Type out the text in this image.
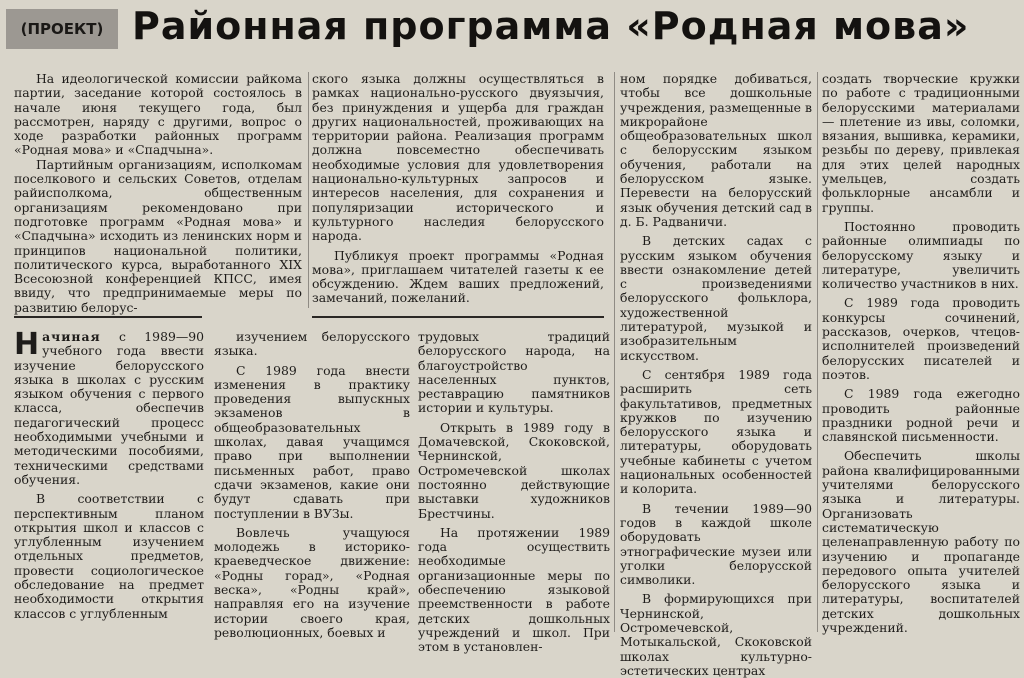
(ПРОЕКТ) Районная программа «Родная мова»

На идеологической комиссии райкома партии, заседание которой состоялось в начале июня текущего года, был рассмотрен, наряду с другими, вопрос о ходе разработки районных программ «Родная мова» и «Спадчына».

Партийным организациям, исполкомам поселкового и сельских Советов, отделам райисполкома, общественным организациям рекомендовано при подготовке программ «Родная мова» и «Спадчына» исходить из ленинских норм и принципов национальной политики, политического курса, выработанного XIX Всесоюзной конференцией КПСС, имея ввиду, что предпринимаемые меры по развитию белорус-

ского языка должны осуществляться в рамках национально-русского двуязычия, без принуждения и ущерба для граждан других национальностей, проживающих на территории района. Реализация программ должна повсеместно обеспечивать необходимые условия для удовлетворения национально-культурных запросов и интересов населения, для сохранения и популяризации исторического и культурного наследия белорусского народа.

Публикуя проект программы «Родная мова», приглашаем читателей газеты к ее обсуждению. Ждем ваших предложений, замечаний, пожеланий.

Начиная с 1989—90 учебного года ввести изучение белорусского языка в школах с русским языком обучения с первого класса, обеспечив педагогический процесс необходимыми учебными и методическими пособиями, техническими средствами обучения.

В соответствии с перспективным планом открытия школ и классов с углубленным изучением отдельных предметов, провести социологическое обследование на предмет необходимости открытия классов с углубленным

изучением белорусского языка.

С 1989 года внести изменения в практику проведения выпускных экзаменов в общеобразовательных школах, давая учащимся право при выполнении письменных работ, право сдачи экзаменов, какие они будут сдавать при поступлении в ВУЗы.

Вовлечь учащуюся молодежь в историко-краеведческое движение: «Родны горад», «Родная веска», «Родны край», направляя его на изучение истории своего края, революционных, боевых и

трудовых традиций белорусского народа, на благоустройство населенных пунктов, реставрацию памятников истории и культуры.

Открыть в 1989 году в Домачевской, Скоковской, Чернинской, Остромечевской школах постоянно действующие выставки художников Брестчины.

На протяжении 1989 года осуществить необходимые организационные меры по обеспечению языковой преемственности в работе детских дошкольных учреждений и школ. При этом в установлен-

ном порядке добиваться, чтобы все дошкольные учреждения, размещенные в микрорайоне общеобразовательных школ с белорусским языком обучения, работали на белорусском языке. Перевести на белорусский язык обучения детский сад в д. Б. Радваничи.

В детских садах с русским языком обучения ввести ознакомление детей с произведениями белорусского фольклора, художественной литературой, музыкой и изобразительным искусством.

С сентября 1989 года расширить сеть факультативов, предметных кружков по изучению белорусского языка и литературы, оборудовать учебные кабинеты с учетом национальных особенностей и колорита.

В течении 1989—90 годов в каждой школе оборудовать этнографические музеи или уголки белорусской символики.

В формирующихся при Чернинской, Остромечевской, Мотыкальской, Скоковской школах культурно-эстетических центрах

создать творческие кружки по работе с традиционными белорусскими материалами — плетение из ивы, соломки, вязания, вышивка, керамики, резьбы по дереву, привлекая для этих целей народных умельцев, создать фольклорные ансамбли и группы.

Постоянно проводить районные олимпиады по белорусскому языку и литературе, увеличить количество участников в них.

С 1989 года проводить конкурсы сочинений, рассказов, очерков, чтецов-исполнителей произведений белорусских писателей и поэтов.

С 1989 года ежегодно проводить районные праздники родной речи и славянской письменности.

Обеспечить школы района квалифицированными учителями белорусского языка и литературы. Организовать систематическую целенаправленную работу по изучению и пропаганде передового опыта учителей белорусского языка и литературы, воспитателей детских дошкольных учреждений.
